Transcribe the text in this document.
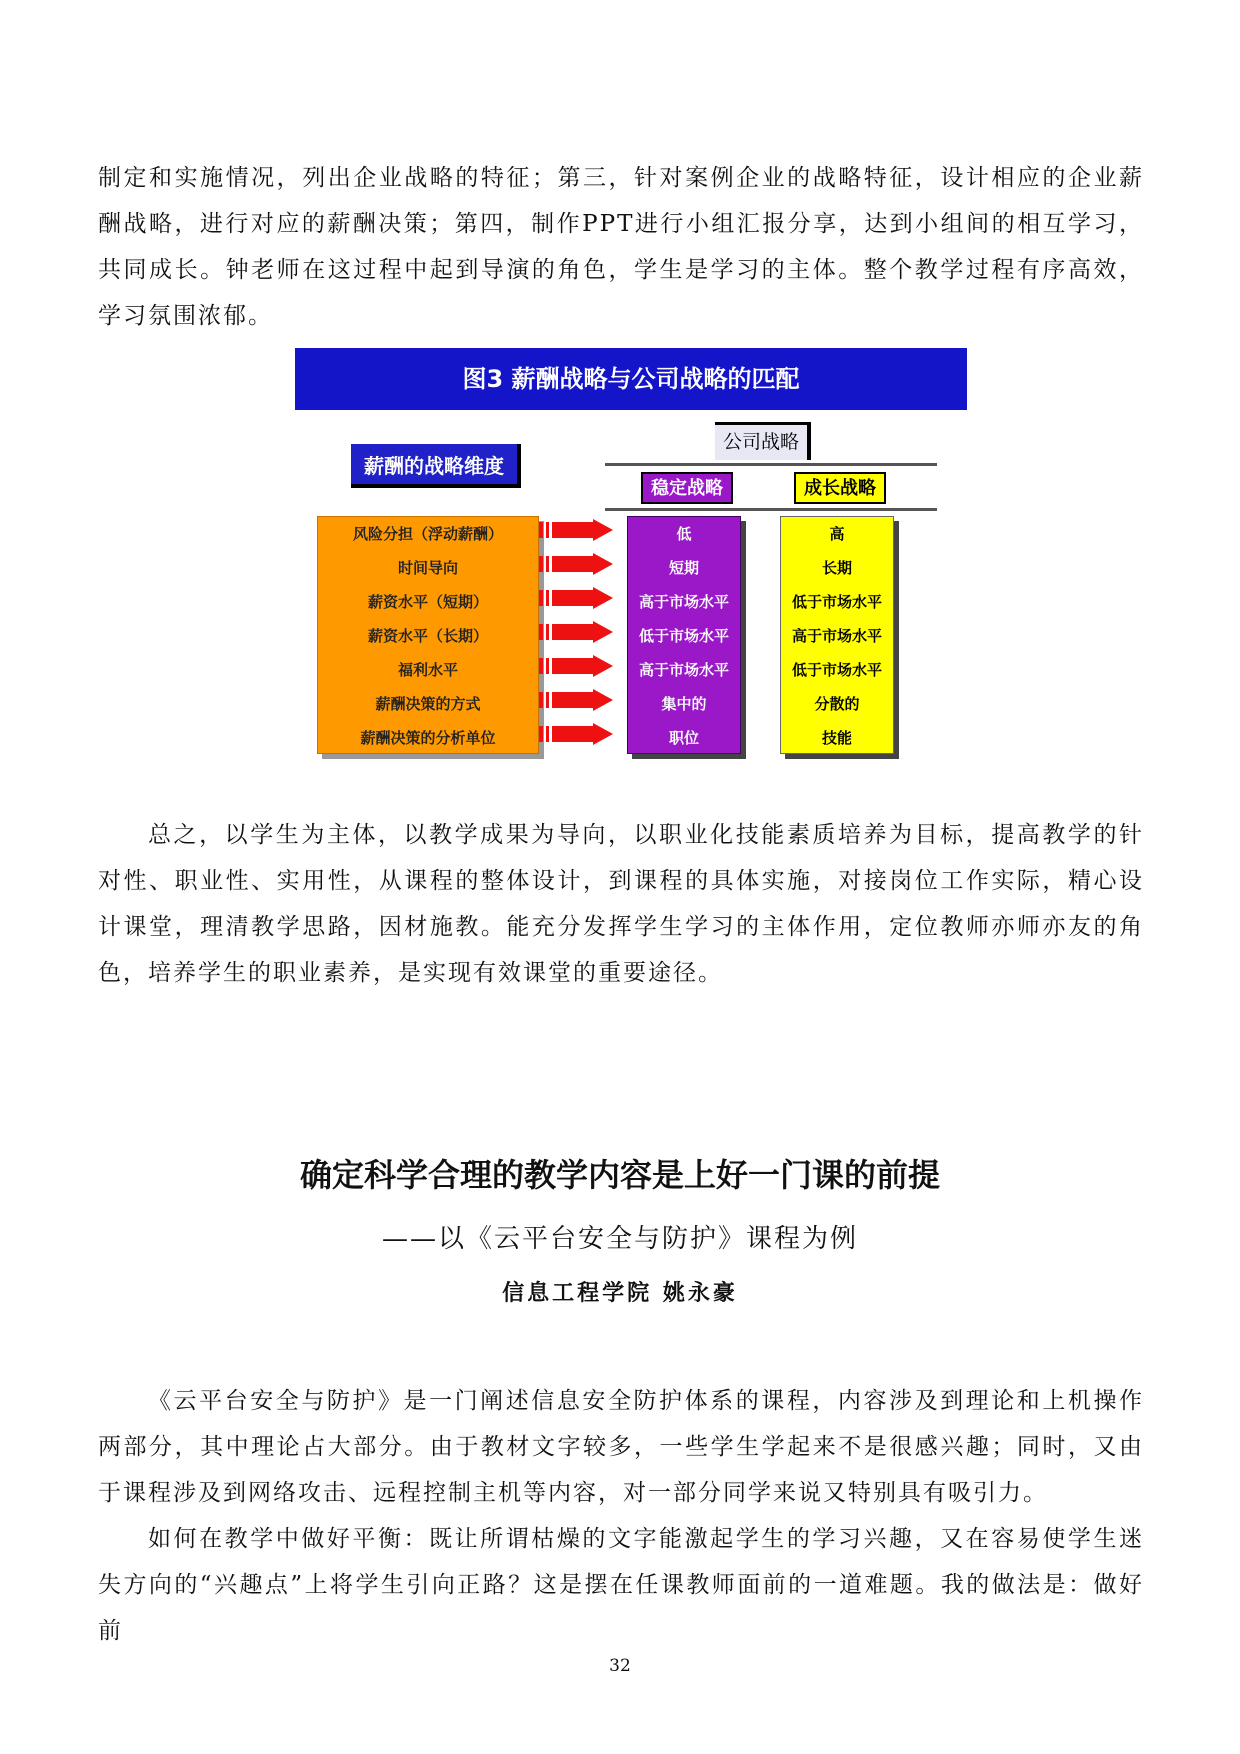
制定和实施情况，列出企业战略的特征；第三，针对案例企业的战略特征，设计相应的企业薪酬战略，进行对应的薪酬决策；第四，制作PPT进行小组汇报分享，达到小组间的相互学习，共同成长。钟老师在这过程中起到导演的角色，学生是学习的主体。整个教学过程有序高效，学习氛围浓郁。

图3 薪酬战略与公司战略的匹配
公司战略
薪酬的战略维度
稳定战略	成长战略
风险分担（浮动薪酬）
时间导向
薪资水平（短期）
薪资水平（长期）
福利水平
薪酬决策的方式
薪酬决策的分析单位
低
短期
高于市场水平
低于市场水平
高于市场水平
集中的
职位
高
长期
低于市场水平
高于市场水平
低于市场水平
分散的
技能

总之，以学生为主体，以教学成果为导向，以职业化技能素质培养为目标，提高教学的针对性、职业性、实用性，从课程的整体设计，到课程的具体实施，对接岗位工作实际，精心设计课堂，理清教学思路，因材施教。能充分发挥学生学习的主体作用，定位教师亦师亦友的角色，培养学生的职业素养，是实现有效课堂的重要途径。

确定科学合理的教学内容是上好一门课的前提
——以《云平台安全与防护》课程为例
信息工程学院 姚永豪

《云平台安全与防护》是一门阐述信息安全防护体系的课程，内容涉及到理论和上机操作两部分，其中理论占大部分。由于教材文字较多，一些学生学起来不是很感兴趣；同时，又由于课程涉及到网络攻击、远程控制主机等内容，对一部分同学来说又特别具有吸引力。

如何在教学中做好平衡：既让所谓枯燥的文字能激起学生的学习兴趣，又在容易使学生迷失方向的“兴趣点”上将学生引向正路？这是摆在任课教师面前的一道难题。我的做法是：做好前

32
